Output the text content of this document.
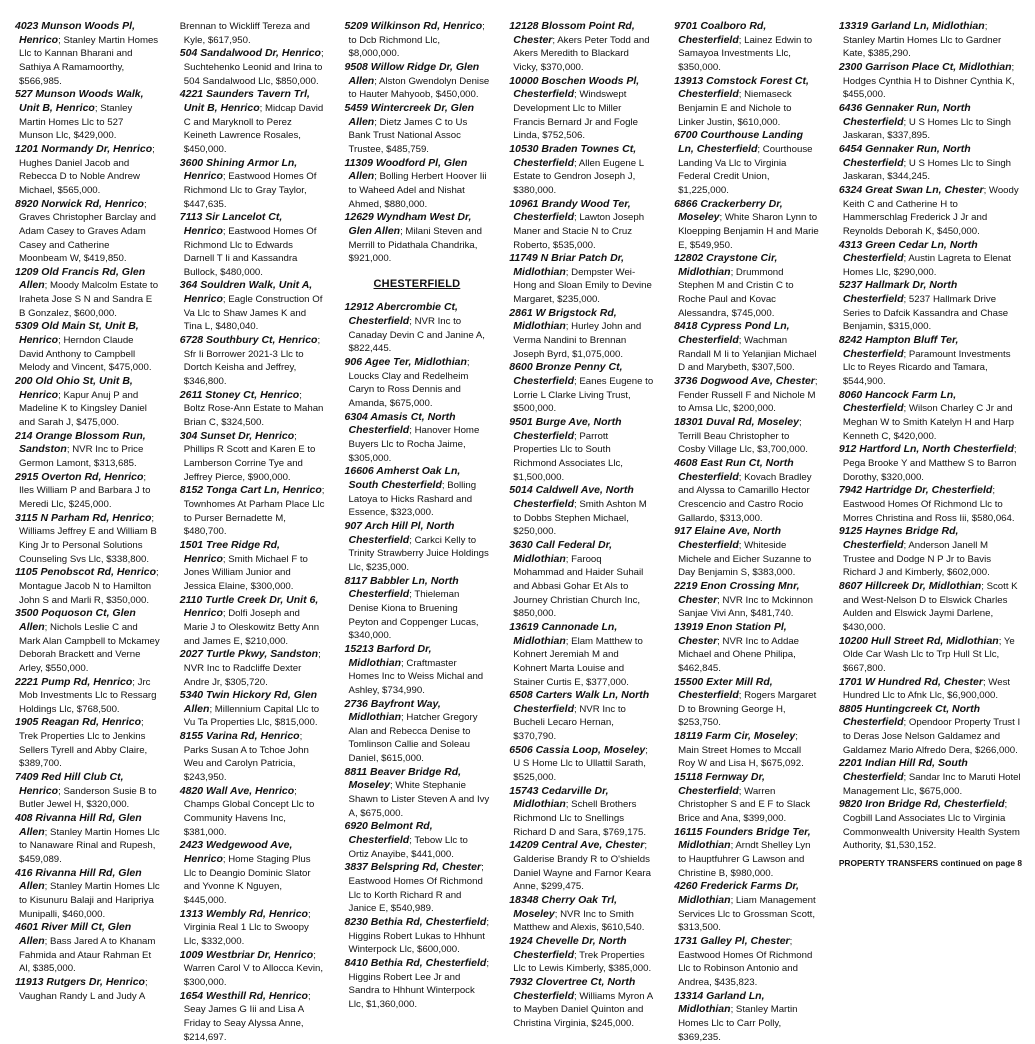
4023 Munson Woods Pl, Henrico; Stanley Martin Homes Llc to Kannan Bharani and Sathiya A Ramamoorthy, $566,985.

527 Munson Woods Walk, Unit B, Henrico; Stanley Martin Homes Llc to 527 Munson Llc, $429,000.

1201 Normandy Dr, Henrico; Hughes Daniel Jacob and Rebecca D to Noble Andrew Michael, $565,000.

8920 Norwick Rd, Henrico; Graves Christopher Barclay and Adam Casey to Graves Adam Casey and Catherine Moonbeam W, $419,850.

1209 Old Francis Rd, Glen Allen; Moody Malcolm Estate to Iraheta Jose S N and Sandra E B Gonzalez, $600,000.

5309 Old Main St, Unit B, Henrico; Herndon Claude David Anthony to Campbell Melody and Vincent, $475,000.

200 Old Ohio St, Unit B, Henrico; Kapur Anuj P and Madeline K to Kingsley Daniel and Sarah J, $475,000.

214 Orange Blossom Run, Sandston; NVR Inc to Price Germon Lamont, $313,685.

2915 Overton Rd, Henrico; Iles William P and Barbara J to Meredi Llc, $245,000.

3115 N Parham Rd, Henrico; Williams Jeffrey E and William B King Jr to Personal Solutions Counseling Svs Llc, $338,800.

1105 Penobscot Rd, Henrico; Montague Jacob N to Hamilton John S and Marli R, $350,000.

3500 Poquoson Ct, Glen Allen; Nichols Leslie C and Mark Alan Campbell to Mckamey Deborah Brackett and Verne Arley, $550,000.

2221 Pump Rd, Henrico; Jrc Mob Investments Llc to Ressarg Holdings Llc, $768,500.

1905 Reagan Rd, Henrico; Trek Properties Llc to Jenkins Sellers Tyrell and Abby Claire, $389,700.

7409 Red Hill Club Ct, Henrico; Sanderson Susie B to Butler Jewel H, $320,000.

408 Rivanna Hill Rd, Glen Allen; Stanley Martin Homes Llc to Nanaware Rinal and Rupesh, $459,089.

416 Rivanna Hill Rd, Glen Allen; Stanley Martin Homes Llc to Kisunuru Balaji and Haripriya Munipalli, $460,000.

4601 River Mill Ct, Glen Allen; Bass Jared A to Khanam Fahmida and Ataur Rahman Et Al, $385,000.

11913 Rutgers Dr, Henrico; Vaughan Randy L and Judy A

Brennan to Wickliff Tereza and Kyle, $617,950.

504 Sandalwood Dr, Henrico; Suchtehenko Leonid and Irina to 504 Sandalwood Llc, $850,000.

4221 Saunders Tavern Trl, Unit B, Henrico; Midcap David C and Maryknoll to Perez Keineth Lawrence Rosales, $450,000.

3600 Shining Armor Ln, Henrico; Eastwood Homes Of Richmond Llc to Gray Taylor, $447,635.

7113 Sir Lancelot Ct, Henrico; Eastwood Homes Of Richmond Llc to Edwards Darnell T Ii and Kassandra Bullock, $480,000.

364 Souldren Walk, Unit A, Henrico; Eagle Construction Of Va Llc to Shaw James K and Tina L, $480,040.

6728 Southbury Ct, Henrico; Sfr Ii Borrower 2021-3 Llc to Dortch Keisha and Jeffrey, $346,800.

2611 Stoney Ct, Henrico; Boltz Rose-Ann Estate to Mahan Brian C, $324,500.

304 Sunset Dr, Henrico; Phillips R Scott and Karen E to Lamberson Corrine Tye and Jeffrey Pierce, $900,000.

8152 Tonga Cart Ln, Henrico; Townhomes At Parham Place Llc to Purser Bernadette M, $480,700.

1501 Tree Ridge Rd, Henrico; Smith Michael F to Jones William Junior and Jessica Elaine, $300,000.

2110 Turtle Creek Dr, Unit 6, Henrico; Dolfi Joseph and Marie J to Oleskowitz Betty Ann and James E, $210,000.

2027 Turtle Pkwy, Sandston; NVR Inc to Radcliffe Dexter Andre Jr, $305,720.

5340 Twin Hickory Rd, Glen Allen; Millennium Capital Llc to Vu Ta Properties Llc, $815,000.

8155 Varina Rd, Henrico; Parks Susan A to Tchoe John Weu and Carolyn Patricia, $243,950.

4820 Wall Ave, Henrico; Champs Global Concept Llc to Community Havens Inc, $381,000.

2423 Wedgewood Ave, Henrico; Home Staging Plus Llc to Deangio Dominic Slator and Yvonne K Nguyen, $445,000.

1313 Wembly Rd, Henrico; Virginia Real 1 Llc to Swoopy Llc, $332,000.

1009 Westbriar Dr, Henrico; Warren Carol V to Allocca Kevin, $300,000.

1654 Westhill Rd, Henrico; Seay James G Iii and Lisa A Friday to Seay Alyssa Anne, $214,697.

5209 Wilkinson Rd, Henrico; to Dcb Richmond Llc, $8,000,000.

9508 Willow Ridge Dr, Glen Allen; Alston Gwendolyn Denise to Hauter Mahyoob, $450,000.

5459 Wintercreek Dr, Glen Allen; Dietz James C to Us Bank Trust National Assoc Trustee, $485,759.

11309 Woodford Pl, Glen Allen; Bolling Herbert Hoover Iii to Waheed Adel and Nishat Ahmed, $880,000.

12629 Wyndham West Dr, Glen Allen; Milani Steven and Merrill to Pidathala Chandrika, $921,000.

CHESTERFIELD

12912 Abercrombie Ct, Chesterfield; NVR Inc to Canaday Devin C and Janine A, $822,445.

906 Agee Ter, Midlothian; Loucks Clay and Redelheim Caryn to Ross Dennis and Amanda, $675,000.

6304 Amasis Ct, North Chesterfield; Hanover Home Buyers Llc to Rocha Jaime, $305,000.

16606 Amherst Oak Ln, South Chesterfield; Bolling Latoya to Hicks Rashard and Essence, $323,000.

907 Arch Hill Pl, North Chesterfield; Carkci Kelly to Trinity Strawberry Juice Holdings Llc, $235,000.

8117 Babbler Ln, North Chesterfield; Thieleman Denise Kiona to Bruening Peyton and Coppenger Lucas, $340,000.

15213 Barford Dr, Midlothian; Craftmaster Homes Inc to Weiss Michal and Ashley, $734,990.

2736 Bayfront Way, Midlothian; Hatcher Gregory Alan and Rebecca Denise to Tomlinson Callie and Soleau Daniel, $615,000.

8811 Beaver Bridge Rd, Moseley; White Stephanie Shawn to Lister Steven A and Ivy A, $675,000.

6920 Belmont Rd, Chesterfield; Tebow Llc to Ortiz Anayibe, $441,000.

3837 Belspring Rd, Chester; Eastwood Homes Of Richmond Llc to Korth Richard R and Janice E, $540,989.

8230 Bethia Rd, Chesterfield; Higgins Robert Lukas to Hhhunt Winterpock Llc, $600,000.

8410 Bethia Rd, Chesterfield; Higgins Robert Lee Jr and Sandra to Hhhunt Winterpock Llc, $1,360,000.

12128 Blossom Point Rd, Chester; Akers Peter Todd and Akers Meredith to Blackard Vicky, $370,000.

10000 Boschen Woods Pl, Chesterfield; Windswept Development Llc to Miller Francis Bernard Jr and Fogle Linda, $752,506.

10530 Braden Townes Ct, Chesterfield; Allen Eugene L Estate to Gendron Joseph J, $380,000.

10961 Brandy Wood Ter, Chesterfield; Lawton Joseph Maner and Stacie N to Cruz Roberto, $535,000.

11749 N Briar Patch Dr, Midlothian; Dempster Wei-Hong and Sloan Emily to Devine Margaret, $235,000.

2861 W Brigstock Rd, Midlothian; Hurley John and Verma Nandini to Brennan Joseph Byrd, $1,075,000.

8600 Bronze Penny Ct, Chesterfield; Eanes Eugene to Lorrie L Clarke Living Trust, $500,000.

9501 Burge Ave, North Chesterfield; Parrott Properties Llc to South Richmond Associates Llc, $1,500,000.

5014 Caldwell Ave, North Chesterfield; Smith Ashton M to Dobbs Stephen Michael, $250,000.

3630 Call Federal Dr, Midlothian; Farooq Mohammad and Haider Suhail and Abbasi Gohar Et Als to Journey Christian Church Inc, $850,000.

13619 Cannonade Ln, Midlothian; Elam Matthew to Kohnert Jeremiah M and Kohnert Marta Louise and Stainer Curtis E, $377,000.

6508 Carters Walk Ln, North Chesterfield; NVR Inc to Bucheli Lecaro Hernan, $370,790.

6506 Cassia Loop, Moseley; U S Home Llc to Ullattil Sarath, $525,000.

15743 Cedarville Dr, Midlothian; Schell Brothers Richmond Llc to Snellings Richard D and Sara, $769,175.

14209 Central Ave, Chester; Galderise Brandy R to O'shields Daniel Wayne and Farnor Keara Anne, $299,475.

18348 Cherry Oak Trl, Moseley; NVR Inc to Smith Matthew and Alexis, $610,540.

1924 Chevelle Dr, North Chesterfield; Trek Properties Llc to Lewis Kimberly, $385,000.

7932 Clovertree Ct, North Chesterfield; Williams Myron A to Mayben Daniel Quinton and Christina Virginia, $245,000.

9701 Coalboro Rd, Chesterfield; Lainez Edwin to Samayoa Investments Llc, $350,000.

13913 Comstock Forest Ct, Chesterfield; Niemaseck Benjamin E and Nichole to Linker Justin, $610,000.

6700 Courthouse Landing Ln, Chesterfield; Courthouse Landing Va Llc to Virginia Federal Credit Union, $1,225,000.

6866 Crackerberry Dr, Moseley; White Sharon Lynn to Kloepping Benjamin H and Marie E, $549,950.

12802 Craystone Cir, Midlothian; Drummond Stephen M and Cristin C to Roche Paul and Kovac Alessandra, $745,000.

8418 Cypress Pond Ln, Chesterfield; Wachman Randall M Ii to Yelanjian Michael D and Marybeth, $307,500.

3736 Dogwood Ave, Chester; Fender Russell F and Nichole M to Amsa Llc, $200,000.

18301 Duval Rd, Moseley; Terrill Beau Christopher to Cosby Village Llc, $3,700,000.

4608 East Run Ct, North Chesterfield; Kovach Bradley and Alyssa to Camarillo Hector Crescencio and Castro Rocio Gallardo, $313,000.

917 Elaine Ave, North Chesterfield; Whiteside Michele and Eicher Suzanne to Day Benjamin S, $383,000.

2219 Enon Crossing Mnr, Chester; NVR Inc to Mckinnon Sanjae Vivi Ann, $481,740.

13919 Enon Station Pl, Chester; NVR Inc to Addae Michael and Ohene Philipa, $462,845.

15500 Exter Mill Rd, Chesterfield; Rogers Margaret D to Browning George H, $253,750.

18119 Farm Cir, Moseley; Main Street Homes to Mccall Roy W and Lisa H, $675,092.

15118 Fernway Dr, Chesterfield; Warren Christopher S and E F to Slack Brice and Ana, $399,000.

16115 Founders Bridge Ter, Midlothian; Arndt Shelley Lyn to Hauptfuhrer G Lawson and Christine B, $980,000.

4260 Frederick Farms Dr, Midlothian; Liam Management Services Llc to Grossman Scott, $313,500.

1731 Galley Pl, Chester; Eastwood Homes Of Richmond Llc to Robinson Antonio and Andrea, $435,823.

13314 Garland Ln, Midlothian; Stanley Martin Homes Llc to Carr Polly, $369,235.

13319 Garland Ln, Midlothian; Stanley Martin Homes Llc to Gardner Kate, $385,290.

2300 Garrison Place Ct, Midlothian; Hodges Cynthia H to Dishner Cynthia K, $455,000.

6436 Gennaker Run, North Chesterfield; U S Homes Llc to Singh Jaskaran, $337,895.

6454 Gennaker Run, North Chesterfield; U S Homes Llc to Singh Jaskaran, $344,245.

6324 Great Swan Ln, Chester; Woody Keith C and Catherine H to Hammerschlag Frederick J Jr and Reynolds Deborah K, $450,000.

4313 Green Cedar Ln, North Chesterfield; Austin Lagreta to Elenat Homes Llc, $290,000.

5237 Hallmark Dr, North Chesterfield; 5237 Hallmark Drive Series to Dafcik Kassandra and Chase Benjamin, $315,000.

8242 Hampton Bluff Ter, Chesterfield; Paramount Investments Llc to Reyes Ricardo and Tamara, $544,900.

8060 Hancock Farm Ln, Chesterfield; Wilson Charley C Jr and Meghan W to Smith Katelyn H and Harp Kenneth C, $420,000.

912 Hartford Ln, North Chesterfield; Pega Brooke Y and Matthew S to Barron Dorothy, $320,000.

7942 Hartridge Dr, Chesterfield; Eastwood Homes Of Richmond Llc to Morres Christina and Ross Iii, $580,064.

9125 Haynes Bridge Rd, Chesterfield; Anderson Janell M Trustee and Dodge N P Jr to Bavis Richard J and Kimberly, $602,000.

8607 Hillcreek Dr, Midlothian; Scott K and West-Nelson D to Elswick Charles Aulden and Elswick Jaymi Darlene, $430,000.

10200 Hull Street Rd, Midlothian; Ye Olde Car Wash Llc to Trp Hull St Llc, $667,800.

1701 W Hundred Rd, Chester; West Hundred Llc to Afnk Llc, $6,900,000.

8805 Huntingcreek Ct, North Chesterfield; Opendoor Property Trust I to Deras Jose Nelson Galdamez and Galdamez Mario Alfredo Dera, $266,000.

2201 Indian Hill Rd, South Chesterfield; Sandar Inc to Maruti Hotel Management Llc, $675,000.

9820 Iron Bridge Rd, Chesterfield; Cogbill Land Associates Llc to Virginia Commonwealth University Health System Authority, $1,530,152.

PROPERTY TRANSFERS continued on page 8
